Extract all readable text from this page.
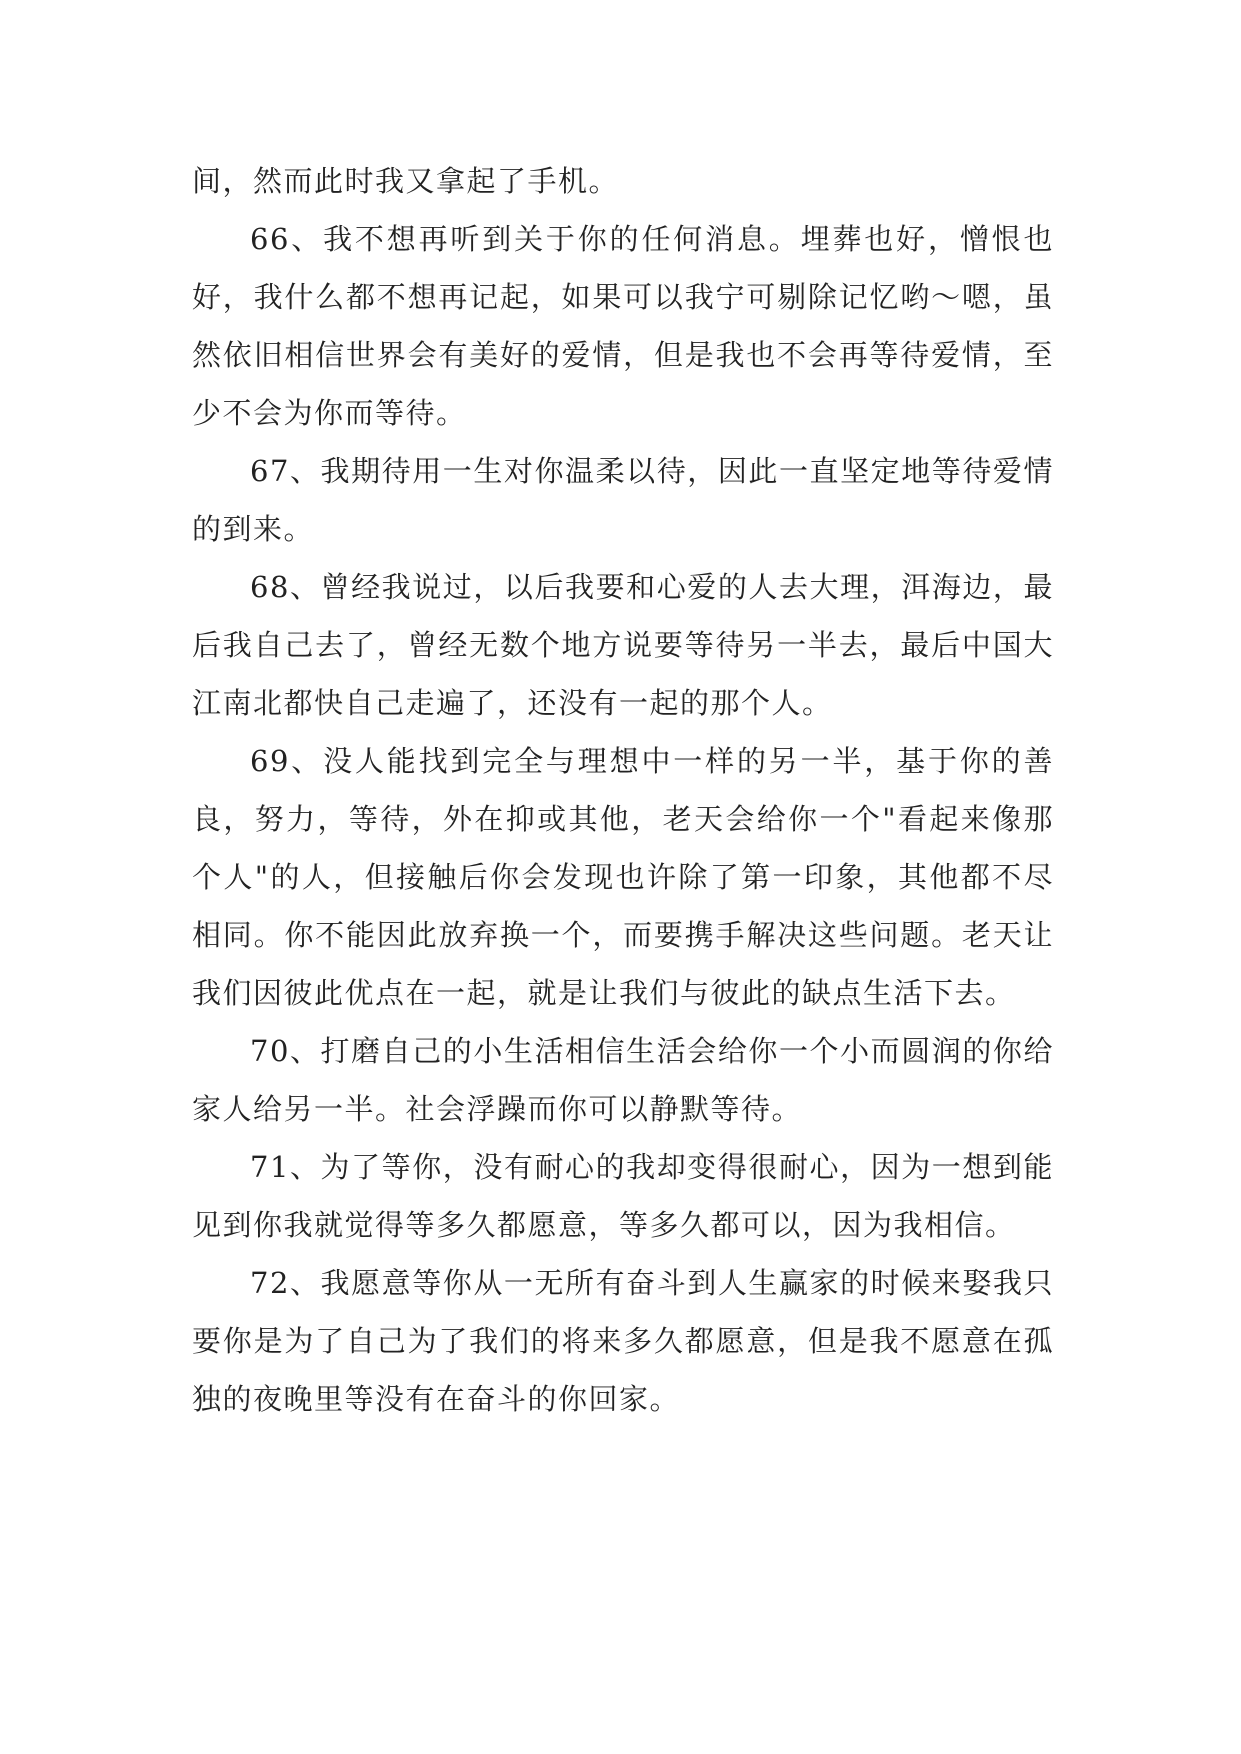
间，然而此时我又拿起了手机。

66、我不想再听到关于你的任何消息。埋葬也好，憎恨也好，我什么都不想再记起，如果可以我宁可剔除记忆哟～嗯，虽然依旧相信世界会有美好的爱情，但是我也不会再等待爱情，至少不会为你而等待。

67、我期待用一生对你温柔以待，因此一直坚定地等待爱情的到来。

68、曾经我说过，以后我要和心爱的人去大理，洱海边，最后我自己去了，曾经无数个地方说要等待另一半去，最后中国大江南北都快自己走遍了，还没有一起的那个人。

69、没人能找到完全与理想中一样的另一半，基于你的善良，努力，等待，外在抑或其他，老天会给你一个"看起来像那个人"的人，但接触后你会发现也许除了第一印象，其他都不尽相同。你不能因此放弃换一个，而要携手解决这些问题。老天让我们因彼此优点在一起，就是让我们与彼此的缺点生活下去。

70、打磨自己的小生活相信生活会给你一个小而圆润的你给家人给另一半。社会浮躁而你可以静默等待。

71、为了等你，没有耐心的我却变得很耐心，因为一想到能见到你我就觉得等多久都愿意，等多久都可以，因为我相信。

72、我愿意等你从一无所有奋斗到人生赢家的时候来娶我只要你是为了自己为了我们的将来多久都愿意，但是我不愿意在孤独的夜晚里等没有在奋斗的你回家。
